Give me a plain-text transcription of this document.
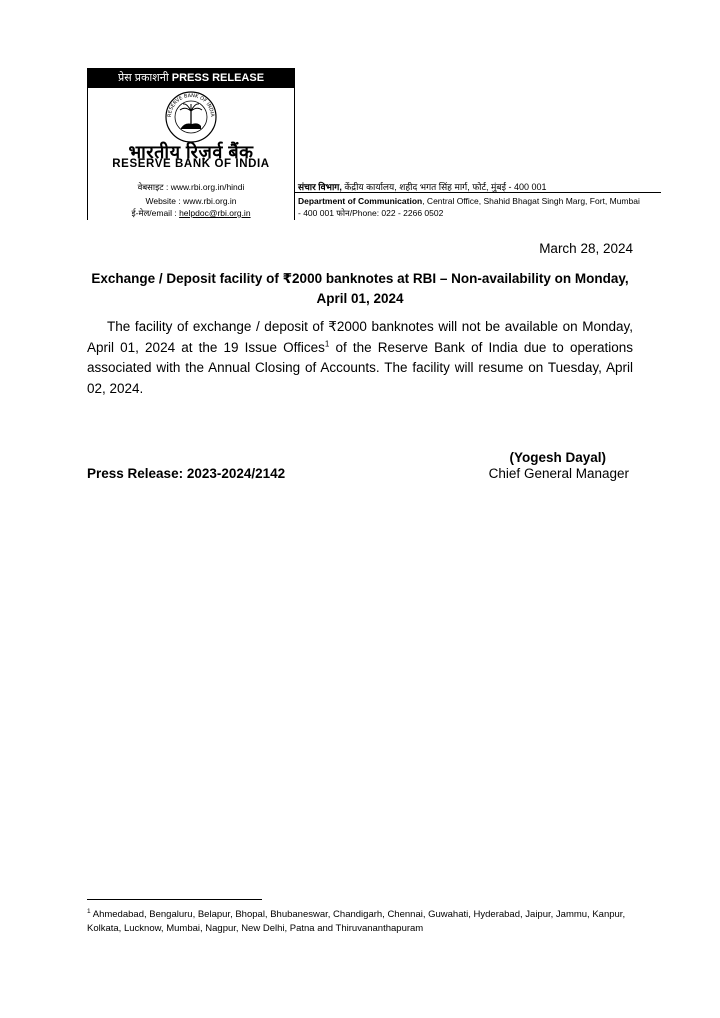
प्रेस प्रकाशनी PRESS RELEASE
RESERVE BANK OF INDIA
भारतीय रिज़र्व बैंक
RESERVE BANK OF INDIA
वेबसाइट : www.rbi.org.in/hindi
Website : www.rbi.org.in
ई-मेल/email : helpdoc@rbi.org.in
संचार विभाग, केंद्रीय कार्यालय, शहीद भगत सिंह मार्ग, फोर्ट, मुंबई - 400 001
Department of Communication, Central Office, Shahid Bhagat Singh Marg, Fort, Mumbai - 400 001 फोन/Phone: 022 - 2266 0502
March 28, 2024
Exchange / Deposit facility of ₹2000 banknotes at RBI – Non-availability on Monday, April 01, 2024
The facility of exchange / deposit of ₹2000 banknotes will not be available on Monday, April 01, 2024 at the 19 Issue Offices$^1$ of the Reserve Bank of India due to operations associated with the Annual Closing of Accounts. The facility will resume on Tuesday, April 02, 2024.
(Yogesh Dayal)
Press Release: 2023-2024/2142	Chief General Manager
$^1$ Ahmedabad, Bengaluru, Belapur, Bhopal, Bhubaneswar, Chandigarh, Chennai, Guwahati, Hyderabad, Jaipur, Jammu, Kanpur, Kolkata, Lucknow, Mumbai, Nagpur, New Delhi, Patna and Thiruvananthapuram
